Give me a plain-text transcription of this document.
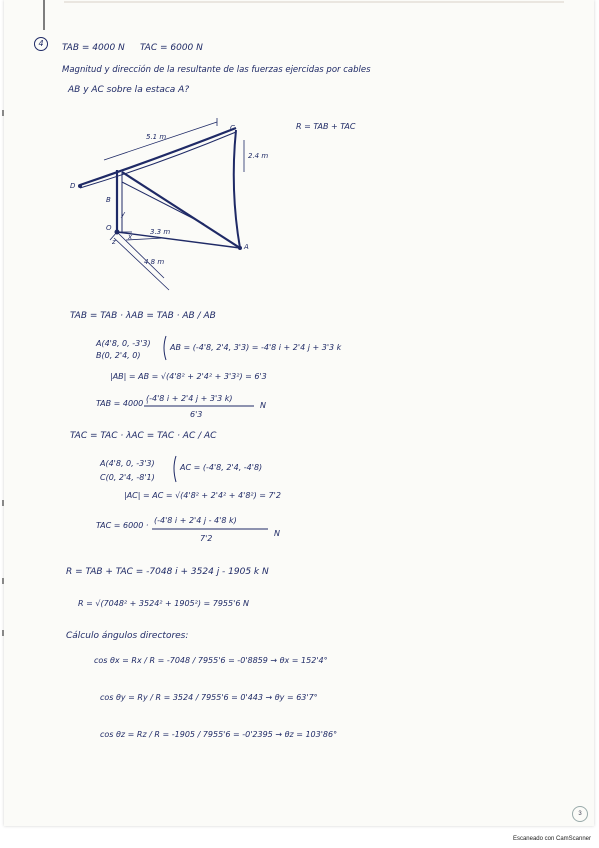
4	TAB = 4000 N TAC = 6000 N
Magnitud y dirección de la resultante de las fuerzas ejercidas por cables
AB y AC sobre la estaca A?
C
D
B
A
O
5.1 m
2.4 m
3.3 m
4.8 m
y
x
z
R = TAB + TAC
TAB = TAB · λAB = TAB · AB / AB
A(4'8, 0, -3'3)
B(0, 2'4, 0)
AB = (-4'8, 2'4, 3'3) = -4'8 i + 2'4 j + 3'3 k
|AB| = AB = √(4'8² + 2'4² + 3'3²) = 6'3
TAB = 4000 ·
(-4'8 i + 2'4 j + 3'3 k)
6'3
N
TAC = TAC · λAC = TAC · AC / AC
A(4'8, 0, -3'3)
C(0, 2'4, -8'1)
AC = (-4'8, 2'4, -4'8)
|AC| = AC = √(4'8² + 2'4² + 4'8²) = 7'2
TAC = 6000 ·
(-4'8 i + 2'4 j - 4'8 k)
7'2
N
R = TAB + TAC = -7048 i + 3524 j - 1905 k N
R = √(7048² + 3524² + 1905²) = 7955'6 N
Cálculo ángulos directores:
cos θx = Rx / R = -7048 / 7955'6 = -0'8859 → θx = 152'4°
cos θy = Ry / R = 3524 / 7955'6 = 0'443 → θy = 63'7°
cos θz = Rz / R = -1905 / 7955'6 = -0'2395 → θz = 103'86°
3
Escaneado con CamScanner
